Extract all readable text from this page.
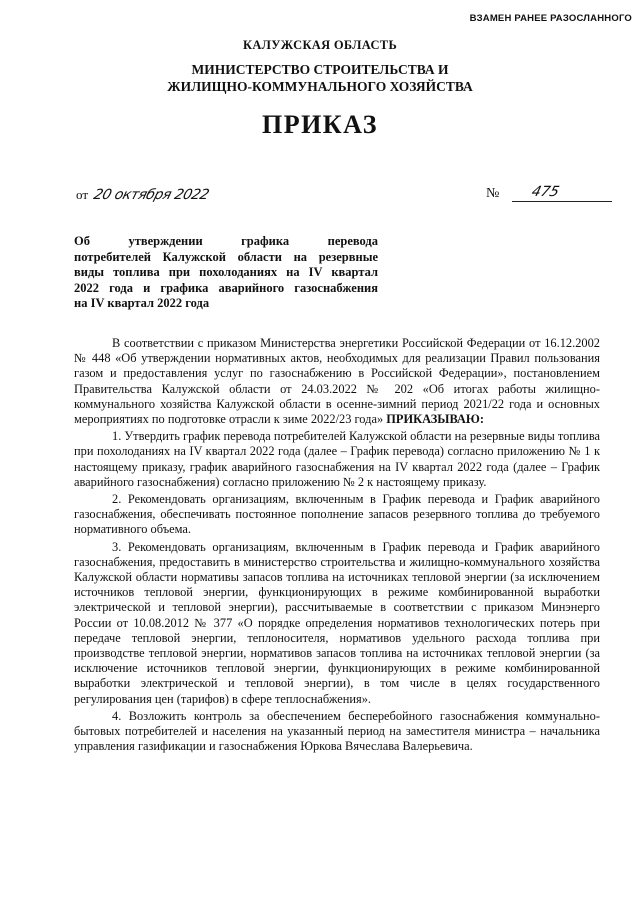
ВЗАМЕН РАНЕЕ РАЗОСЛАННОГО
КАЛУЖСКАЯ ОБЛАСТЬ
МИНИСТЕРСТВО СТРОИТЕЛЬСТВА И
ЖИЛИЩНО-КОММУНАЛЬНОГО ХОЗЯЙСТВА
ПРИКАЗ
от 20 октября 2022	№ 475
Об утверждении графика перевода
потребителей Калужской области на резервные
виды топлива при похолоданиях на IV квартал
2022 года и графика аварийного газоснабжения
на IV квартал 2022 года

В соответствии с приказом Министерства энергетики Российской Федерации от 16.12.2002 № 448 «Об утверждении нормативных актов, необходимых для реализации Правил пользования газом и предоставления услуг по газоснабжению в Российской Федерации», постановлением Правительства Калужской области от 24.03.2022 № 202 «Об итогах работы жилищно-коммунального хозяйства Калужской области в осенне-зимний период 2021/22 года и основных мероприятиях по подготовке отрасли к зиме 2022/23 года» ПРИКАЗЫВАЮ:

1. Утвердить график перевода потребителей Калужской области на резервные виды топлива при похолоданиях на IV квартал 2022 года (далее – График перевода) согласно приложению № 1 к настоящему приказу, график аварийного газоснабжения на IV квартал 2022 года (далее – График аварийного газоснабжения) согласно приложению № 2 к настоящему приказу.

2. Рекомендовать организациям, включенным в График перевода и График аварийного газоснабжения, обеспечивать постоянное пополнение запасов резервного топлива до требуемого нормативного объема.

3. Рекомендовать организациям, включенным в График перевода и График аварийного газоснабжения, предоставить в министерство строительства и жилищно-коммунального хозяйства Калужской области нормативы запасов топлива на источниках тепловой энергии (за исключением источников тепловой энергии, функционирующих в режиме комбинированной выработки электрической и тепловой энергии), рассчитываемые в соответствии с приказом Минэнерго России от 10.08.2012 № 377 «О порядке определения нормативов технологических потерь при передаче тепловой энергии, теплоносителя, нормативов удельного расхода топлива при производстве тепловой энергии, нормативов запасов топлива на источниках тепловой энергии (за исключение источников тепловой энергии, функционирующих в режиме комбинированной выработки электрической и тепловой энергии), в том числе в целях государственного регулирования цен (тарифов) в сфере теплоснабжения».

4. Возложить контроль за обеспечением бесперебойного газоснабжения коммунально-бытовых потребителей и населения на указанный период на заместителя министра – начальника управления газификации и газоснабжения Юркова Вячеслава Валерьевича.
